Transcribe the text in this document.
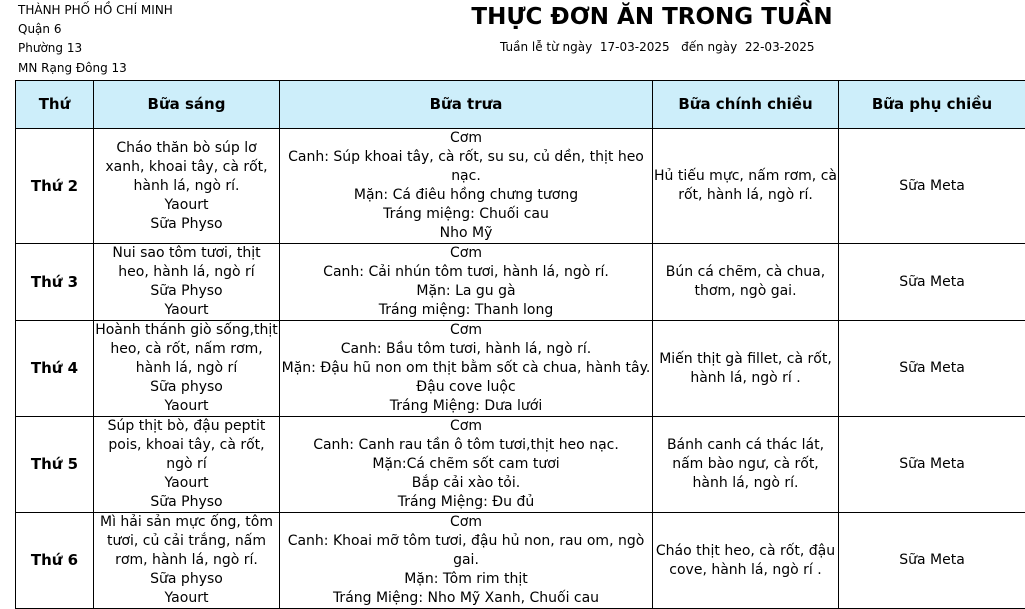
THÀNH PHỐ HỒ CHÍ MINH
Quận 6
Phường 13
MN Rạng Đông 13
THỰC ĐƠN ĂN TRONG TUẦN
Tuần lễ từ ngày 17-03-2025 đến ngày 22-03-2025
Thứ	Bữa sáng	Bữa trưa	Bữa chính chiều	Bữa phụ chiều
Thứ 2	Cháo thăn bò súp lơ xanh, khoai tây, cà rốt, hành lá, ngò rí.
Yaourt
Sữa Physo	Cơm
Canh: Súp khoai tây, cà rốt, su su, củ dền, thịt heo nạc.
Mặn: Cá điêu hồng chưng tương
Tráng miệng: Chuối cau
Nho Mỹ	Hủ tiếu mực, nấm rơm, cà rốt, hành lá, ngò rí.	Sữa Meta

Thứ 3	Nui sao tôm tươi, thịt heo, hành lá, ngò rí
Sữa Physo
Yaourt	Cơm
Canh: Cải nhún tôm tươi, hành lá, ngò rí.
Mặn: La gu gà
Tráng miệng: Thanh long	Bún cá chẽm, cà chua, thơm, ngò gai.	Sữa Meta

Thứ 4	Hoành thánh giò sống,thịt heo, cà rốt, nấm rơm, hành lá, ngò rí
Sữa physo
Yaourt	Cơm
Canh: Bầu tôm tươi, hành lá, ngò rí.
Mặn: Đậu hũ non om thịt bằm sốt cà chua, hành tây.
Đậu cove luộc
Tráng Miệng: Dưa lưới	Miến thịt gà fillet, cà rốt, hành lá, ngò rí .	Sữa Meta

Thứ 5	Súp thịt bò, đậu peptit pois, khoai tây, cà rốt, ngò rí
Yaourt
Sữa Physo	Cơm
Canh: Canh rau tần ô tôm tươi,thịt heo nạc.
Mặn:Cá chẽm sốt cam tươi
Bắp cải xào tỏi.
Tráng Miệng: Đu đủ	Bánh canh cá thác lát, nấm bào ngư, cà rốt, hành lá, ngò rí.	Sữa Meta

Thứ 6	Mì hải sản mực ống, tôm tươi, củ cải trắng, nấm rơm, hành lá, ngò rí.
Sữa physo
Yaourt	Cơm
Canh: Khoai mỡ tôm tươi, đậu hủ non, rau om, ngò gai.
Mặn: Tôm rim thịt
Tráng Miệng: Nho Mỹ Xanh, Chuối cau	Cháo thịt heo, cà rốt, đậu cove, hành lá, ngò rí .	Sữa Meta
